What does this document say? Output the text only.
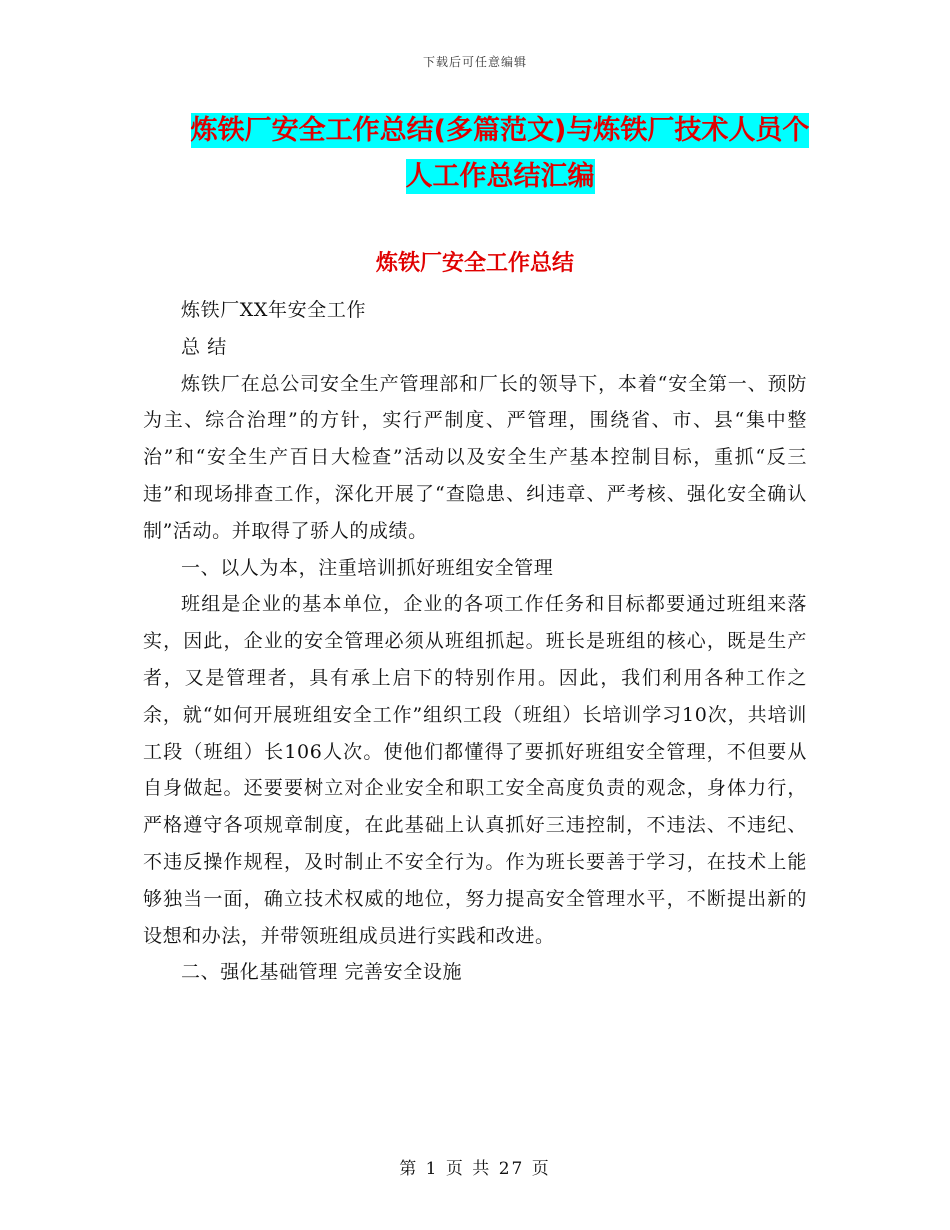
下载后可任意编辑
炼铁厂安全工作总结(多篇范文)与炼铁厂技术人员个
人工作总结汇编
炼铁厂安全工作总结

炼铁厂XX年安全工作

总 结

炼铁厂在总公司安全生产管理部和厂长的领导下，本着“安全第一、预防为主、综合治理”的方针，实行严制度、严管理，围绕省、市、县“集中整治”和“安全生产百日大检查”活动以及安全生产基本控制目标，重抓“反三违”和现场排查工作，深化开展了“查隐患、纠违章、严考核、强化安全确认制”活动。并取得了骄人的成绩。

一、以人为本，注重培训抓好班组安全管理

班组是企业的基本单位，企业的各项工作任务和目标都要通过班组来落实，因此，企业的安全管理必须从班组抓起。班长是班组的核心，既是生产者，又是管理者，具有承上启下的特别作用。因此，我们利用各种工作之余，就“如何开展班组安全工作”组织工段（班组）长培训学习10次，共培训工段（班组）长106人次。使他们都懂得了要抓好班组安全管理，不但要从自身做起。还要要树立对企业安全和职工安全高度负责的观念，身体力行，严格遵守各项规章制度，在此基础上认真抓好三违控制，不违法、不违纪、不违反操作规程，及时制止不安全行为。作为班长要善于学习，在技术上能够独当一面，确立技术权威的地位，努力提高安全管理水平，不断提出新的设想和办法，并带领班组成员进行实践和改进。

二、强化基础管理 完善安全设施

第 1 页 共 27 页
